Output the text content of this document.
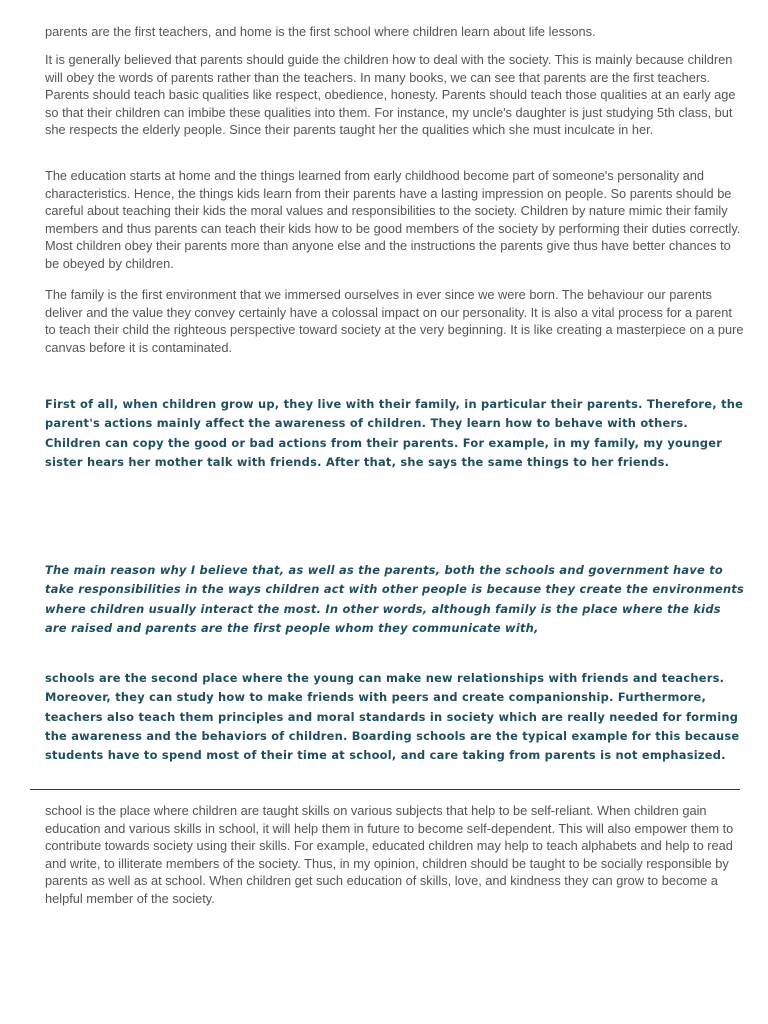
parents are the first teachers, and home is the first school where children learn about life lessons.

It is generally believed that parents should guide the children how to deal with the society. This is mainly because children will obey the words of parents rather than the teachers. In many books, we can see that parents are the first teachers. Parents should teach basic qualities like respect, obedience, honesty. Parents should teach those qualities at an early age so that their children can imbibe these qualities into them. For instance, my uncle's daughter is just studying 5th class, but she respects the elderly people. Since their parents taught her the qualities which she must inculcate in her.

The education starts at home and the things learned from early childhood become part of someone's personality and characteristics. Hence, the things kids learn from their parents have a lasting impression on people. So parents should be careful about teaching their kids the moral values and responsibilities to the society. Children by nature mimic their family members and thus parents can teach their kids how to be good members of the society by performing their duties correctly. Most children obey their parents more than anyone else and the instructions the parents give thus have better chances to be obeyed by children.

The family is the first environment that we immersed ourselves in ever since we were born. The behaviour our parents deliver and the value they convey certainly have a colossal impact on our personality. It is also a vital process for a parent to teach their child the righteous perspective toward society at the very beginning. It is like creating a masterpiece on a pure canvas before it is contaminated.

First of all, when children grow up, they live with their family, in particular their parents. Therefore, the parent's actions mainly affect the awareness of children. They learn how to behave with others. Children can copy the good or bad actions from their parents. For example, in my family, my younger sister hears her mother talk with friends. After that, she says the same things to her friends.

The main reason why I believe that, as well as the parents, both the schools and government have to take responsibilities in the ways children act with other people is because they create the environments where children usually interact the most. In other words, although family is the place where the kids are raised and parents are the first people whom they communicate with,

schools are the second place where the young can make new relationships with friends and teachers. Moreover, they can study how to make friends with peers and create companionship. Furthermore, teachers also teach them principles and moral standards in society which are really needed for forming the awareness and the behaviors of children. Boarding schools are the typical example for this because students have to spend most of their time at school, and care taking from parents is not emphasized.

school is the place where children are taught skills on various subjects that help to be self-reliant. When children gain education and various skills in school, it will help them in future to become self-dependent. This will also empower them to contribute towards society using their skills. For example, educated children may help to teach alphabets and help to read and write, to illiterate members of the society. Thus, in my opinion, children should be taught to be socially responsible by parents as well as at school. When children get such education of skills, love, and kindness they can grow to become a helpful member of the society.
